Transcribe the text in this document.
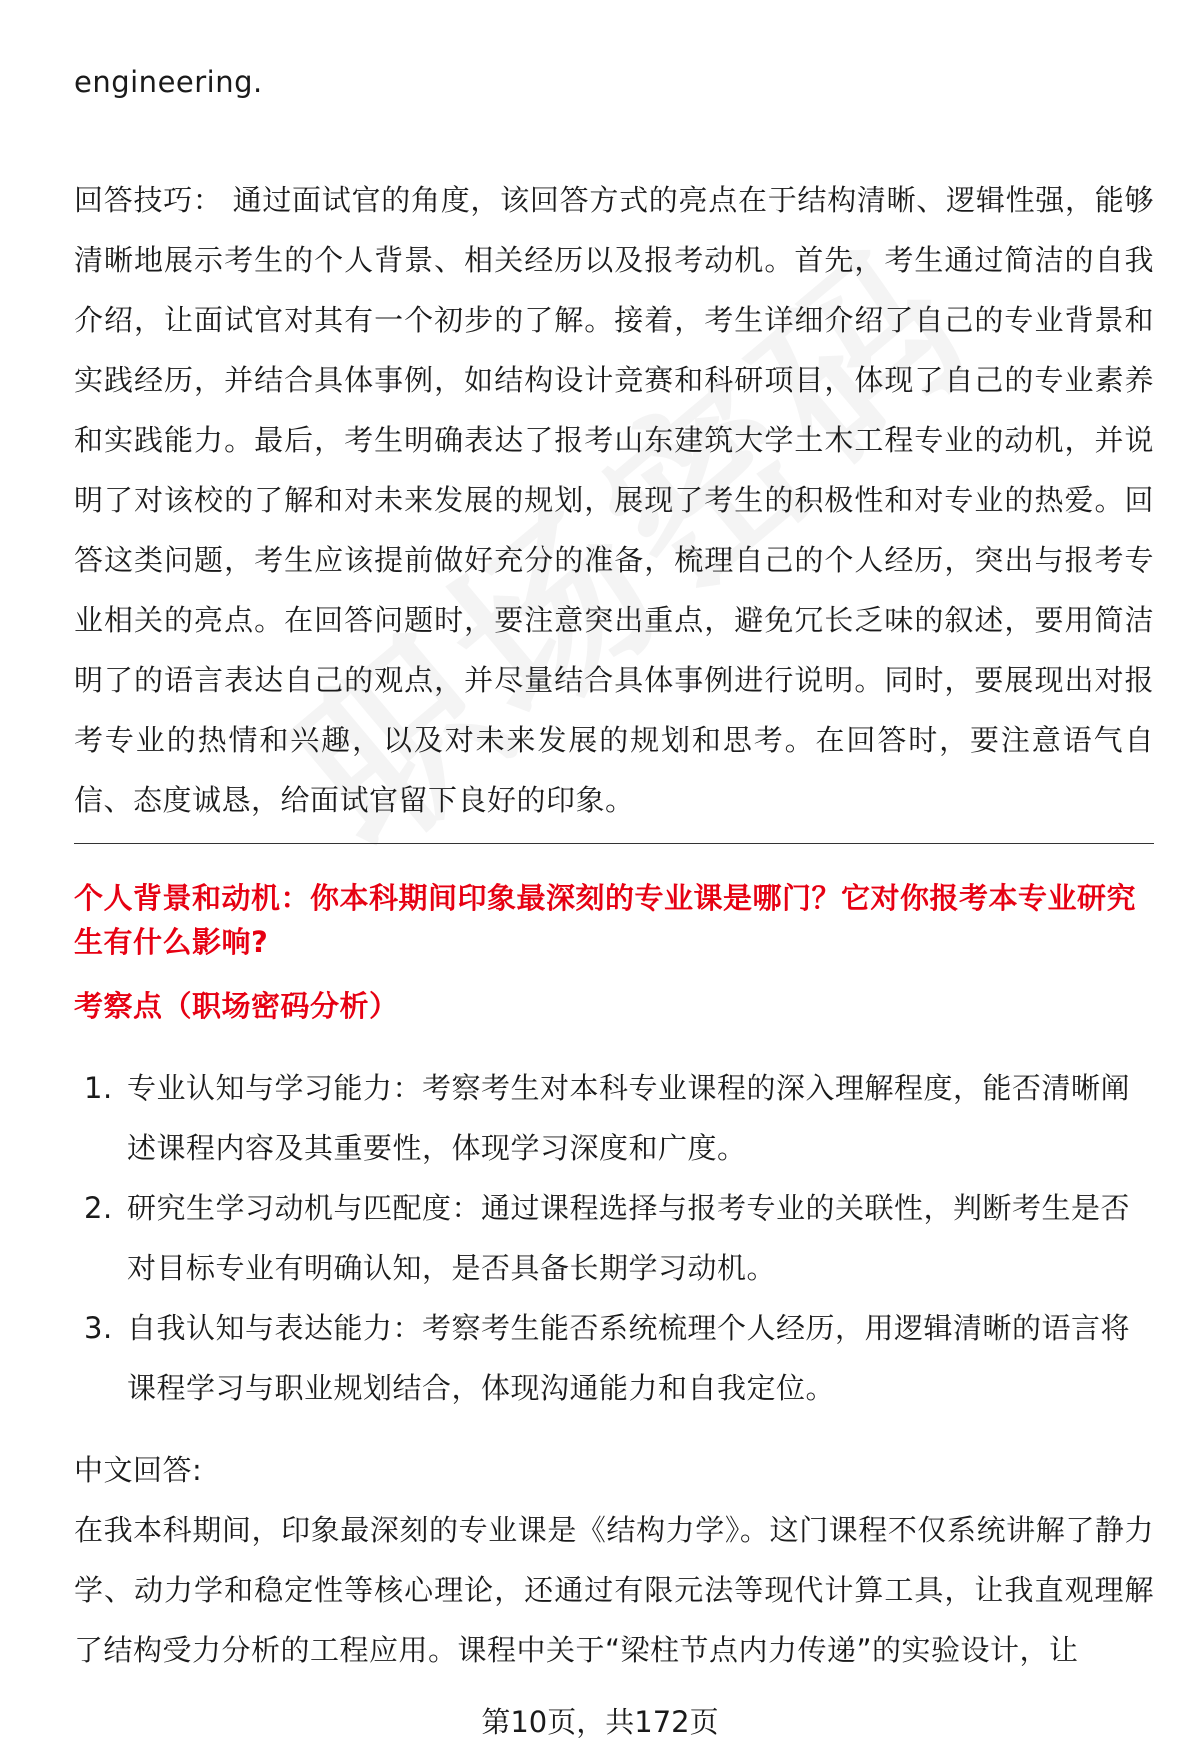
engineering.

回答技巧： 通过面试官的角度，该回答方式的亮点在于结构清晰、逻辑性强，能够清晰地展示考生的个人背景、相关经历以及报考动机。首先，考生通过简洁的自我介绍，让面试官对其有一个初步的了解。接着，考生详细介绍了自己的专业背景和实践经历，并结合具体事例，如结构设计竞赛和科研项目，体现了自己的专业素养和实践能力。最后，考生明确表达了报考山东建筑大学土木工程专业的动机，并说明了对该校的了解和对未来发展的规划，展现了考生的积极性和对专业的热爱。回答这类问题，考生应该提前做好充分的准备，梳理自己的个人经历，突出与报考专业相关的亮点。在回答问题时，要注意突出重点，避免冗长乏味的叙述，要用简洁明了的语言表达自己的观点，并尽量结合具体事例进行说明。同时，要展现出对报考专业的热情和兴趣，以及对未来发展的规划和思考。在回答时，要注意语气自信、态度诚恳，给面试官留下良好的印象。

个人背景和动机：你本科期间印象最深刻的专业课是哪门？它对你报考本专业研究生有什么影响?

考察点（职场密码分析）

1. 专业认知与学习能力：考察考生对本科专业课程的深入理解程度，能否清晰阐述课程内容及其重要性，体现学习深度和广度。
2. 研究生学习动机与匹配度：通过课程选择与报考专业的关联性，判断考生是否对目标专业有明确认知，是否具备长期学习动机。
3. 自我认知与表达能力：考察考生能否系统梳理个人经历，用逻辑清晰的语言将课程学习与职业规划结合，体现沟通能力和自我定位。
中文回答:

在我本科期间，印象最深刻的专业课是《结构力学》。这门课程不仅系统讲解了静力学、动力学和稳定性等核心理论，还通过有限元法等现代计算工具，让我直观理解了结构受力分析的工程应用。课程中关于“梁柱节点内力传递”的实验设计，让

第10页，共172页
